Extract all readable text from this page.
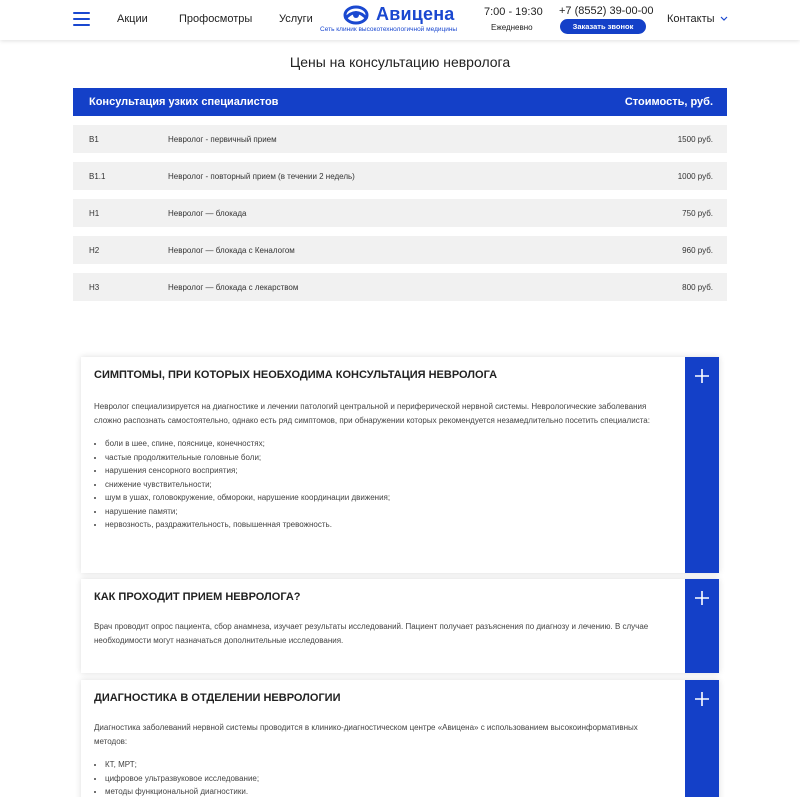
Акции	Профосмотры Услуги	Авицена
Сеть клиник высокотехнологичной медицины
7:00 - 19:30
Ежедневно
+7 (8552) 39-00-00
Заказать звонок
Контакты
Цены на консультацию невролога
Консультация узких специалистов	Стоимость, руб.
B1	Невролог - первичный прием	1500 руб.
B1.1	Невролог - повторный прием (в течении 2 недель)	1000 руб.
H1	Невролог — блокада	750 руб.
H2	Невролог — блокада с Кеналогом	960 руб.
H3	Невролог — блокада с лекарством	800 руб.
СИМПТОМЫ, ПРИ КОТОРЫХ НЕОБХОДИМА КОНСУЛЬТАЦИЯ НЕВРОЛОГА

Невролог специализируется на диагностике и лечении патологий центральной и периферической нервной системы. Неврологические заболевания сложно распознать самостоятельно, однако есть ряд симптомов, при обнаружении которых рекомендуется незамедлительно посетить специалиста:

• боли в шее, спине, пояснице, конечностях;
• частые продолжительные головные боли;
• нарушения сенсорного восприятия;
• снижение чувствительности;
• шум в ушах, головокружение, обмороки, нарушение координации движения;
• нарушение памяти;
• нервозность, раздражительность, повышенная тревожность.
КАК ПРОХОДИТ ПРИЕМ НЕВРОЛОГА?

Врач проводит опрос пациента, сбор анамнеза, изучает результаты исследований. Пациент получает разъяснения по диагнозу и лечению. В случае необходимости могут назначаться дополнительные исследования.

ДИАГНОСТИКА В ОТДЕЛЕНИИ НЕВРОЛОГИИ

Диагностика заболеваний нервной системы проводится в клинико-диагностическом центре «Авицена» с использованием высокоинформативных методов:

• КТ, МРТ;
• цифровое ультразвуковое исследование;
• методы функциональной диагностики.
